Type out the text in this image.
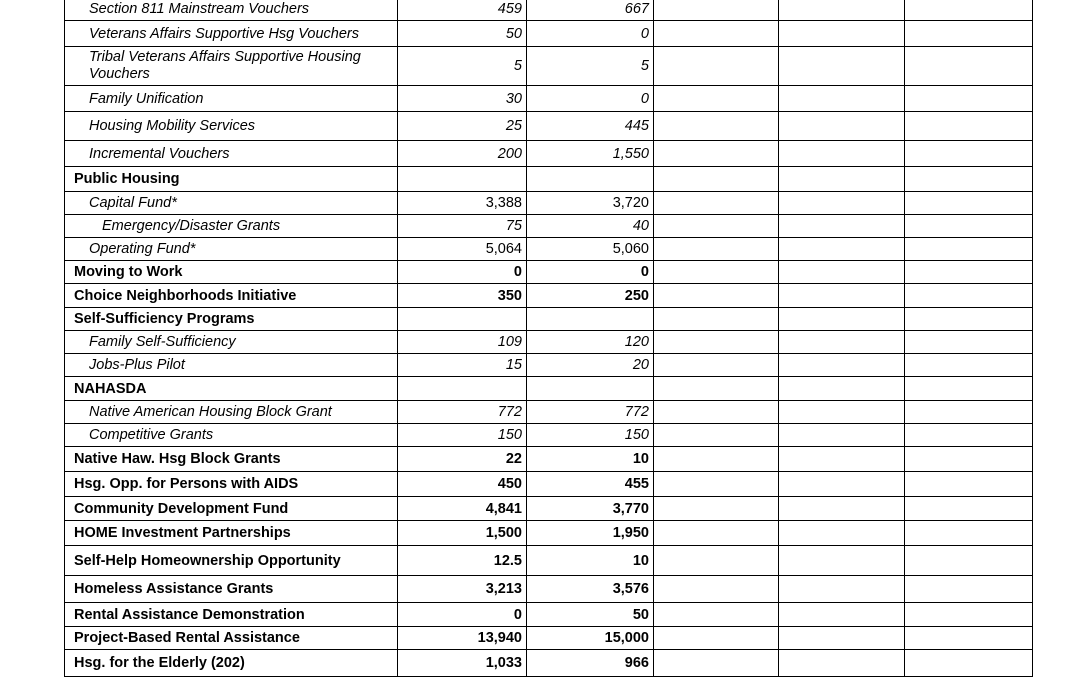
Section 811 Mainstream Vouchers	459	667			
Veterans Affairs Supportive Hsg Vouchers	50	0			

Tribal Veterans Affairs Supportive Housing Vouchers	5	5			
Family Unification	30	0			
Housing Mobility Services	25	445			
Incremental Vouchers	200	1,550			
Public Housing					
Capital Fund*	3,388	3,720			
Emergency/Disaster Grants	75	40			
Operating Fund*	5,064	5,060			
Moving to Work	0	0			
Choice Neighborhoods Initiative	350	250			
Self-Sufficiency Programs					
Family Self-Sufficiency	109	120			
Jobs-Plus Pilot	15	20			
NAHASDA					
Native American Housing Block Grant	772	772			
Competitive Grants	150	150			
Native Haw. Hsg Block Grants	22	10			
Hsg. Opp. for Persons with AIDS	450	455			
Community Development Fund	4,841	3,770			
HOME Investment Partnerships	1,500	1,950			
Self-Help Homeownership Opportunity	12.5	10			
Homeless Assistance Grants	3,213	3,576			
Rental Assistance Demonstration	0	50			
Project-Based Rental Assistance	13,940	15,000			
Hsg. for the Elderly (202)	1,033	966			
